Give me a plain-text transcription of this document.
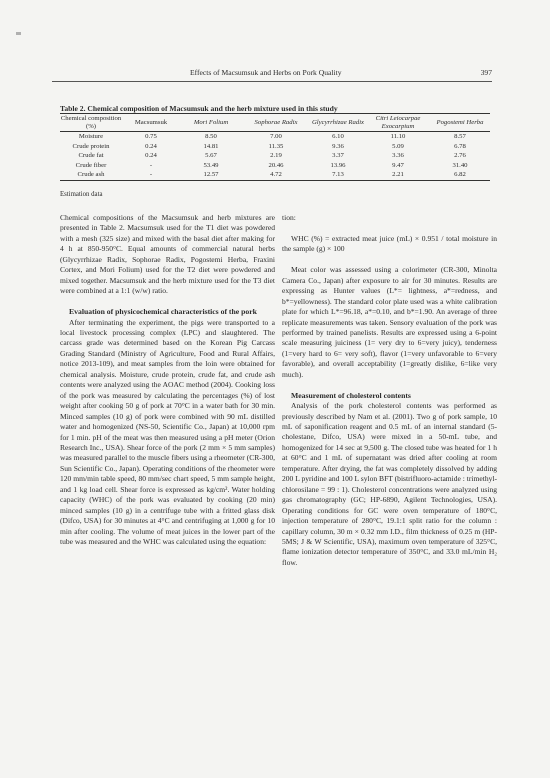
Effects of Macsumsuk and Herbs on Pork Quality	397
Table 2. Chemical composition of Macsumsuk and the herb mixture used in this study
Chemical composition (%)	Macsumsuk	Mori Folium	Sophorae Radix	Glycyrrhizae Radix	Citri Leiocarpae Exocarpium	Pogostemi Herba
Moisture	0.75	8.50	7.00	6.10	11.10	8.57
Crude protein	0.24	14.81	11.35	9.36	5.09	6.78
Crude fat	0.24	5.67	2.19	3.37	3.36	2.76
Crude fiber	-	53.49	20.46	13.96	9.47	31.40
Crude ash	-	12.57	4.72	7.13	2.21	6.82
Estimation data

Chemical compositions of the Macsumsuk and herb mixtures are presented in Table 2. Macsumsuk used for the T1 diet was powdered with a mesh (325 size) and mixed with the basal diet after making for 4 h at 850-950°C. Equal amounts of commercial natural herbs (Glycyrrhizae Radix, Sophorae Radix, Pogostemi Herba, Fraxini Cortex, and Mori Folium) used for the T2 diet were powdered and mixed together. Macsumsuk and the herb mixture used for the T3 diet were combined at a 1:1 (w/w) ratio.

Evaluation of physicochemical characteristics of the pork

After terminating the experiment, the pigs were transported to a local livestock processing complex (LPC) and slaughtered. The carcass grade was determined based on the Korean Pig Carcass Grading Standard (Ministry of Agriculture, Food and Rural Affairs, notice 2013-109), and meat samples from the loin were obtained for chemical analysis. Moisture, crude protein, crude fat, and crude ash contents were analyzed using the AOAC method (2004). Cooking loss of the pork was measured by calculating the percentages (%) of lost weight after cooking 50 g of pork at 70°C in a water bath for 30 min. Minced samples (10 g) of pork were combined with 90 mL distilled water and homogenized (NS-50, Scientific Co., Japan) at 10,000 rpm for 1 min. pH of the meat was then measured using a pH meter (Orion Research Inc., USA). Shear force of the pork (2 mm × 5 mm samples) was measured parallel to the muscle fibers using a rheometer (CR-300, Sun Scientific Co., Japan). Operating conditions of the rheometer were 120 mm/min table speed, 80 mm/sec chart speed, 5 mm sample height, and 1 kg load cell. Shear force is expressed as kg/cm². Water holding capacity (WHC) of the pork was evaluated by cooking (20 min) minced samples (10 g) in a centrifuge tube with a fritted glass disk (Difco, USA) for 30 minutes at 4°C and centrifuging at 1,000 g for 10 min after cooling. The volume of meat juices in the lower part of the tube was measured and the WHC was calculated using the equation:

tion:

WHC (%) = extracted meat juice (mL) × 0.951 / total moisture in the sample (g) × 100

Meat color was assessed using a colorimeter (CR-300, Minolta Camera Co., Japan) after exposure to air for 30 minutes. Results are expressing as Hunter values (L*= lightness, a*=redness, and b*=yellowness). The standard color plate used was a white calibration plate for which L*=96.18, a*=0.10, and b*=1.90. An average of three replicate measurements was taken. Sensory evaluation of the pork was performed by trained panelists. Results are expressed using a 6-point scale measuring juiciness (1= very dry to 6=very juicy), tenderness (1=very hard to 6= very soft), flavor (1=very unfavorable to 6=very favorable), and overall acceptability (1=greatly dislike, 6=like very much).

Measurement of cholesterol contents

Analysis of the pork cholesterol contents was performed as previously described by Nam et al. (2001). Two g of pork sample, 10 mL of saponification reagent and 0.5 mL of an internal standard (5-cholestane, Difco, USA) were mixed in a 50-mL tube, and homogenized for 14 sec at 9,500 g. The closed tube was heated for 1 h at 60°C and 1 mL of supernatant was dried after cooling at room temperature. After drying, the fat was completely dissolved by adding 200 L pyridine and 100 L sylon BFT (bistrifluoro-actamide : trimethyl-chlorosilane = 99 : 1). Cholesterol concentrations were analyzed using gas chromatography (GC; HP-6890, Agilent Technologies, USA). Operating conditions for GC were oven temperature of 180°C, injection temperature of 280°C, 19.1:1 split ratio for the column : capillary column, 30 m × 0.32 mm I.D., film thickness of 0.25 m (HP-5MS; J & W Scientific, USA), maximum oven temperature of 325°C, flame ionization detector temperature of 350°C, and 33.0 mL/min H₂ flow.
